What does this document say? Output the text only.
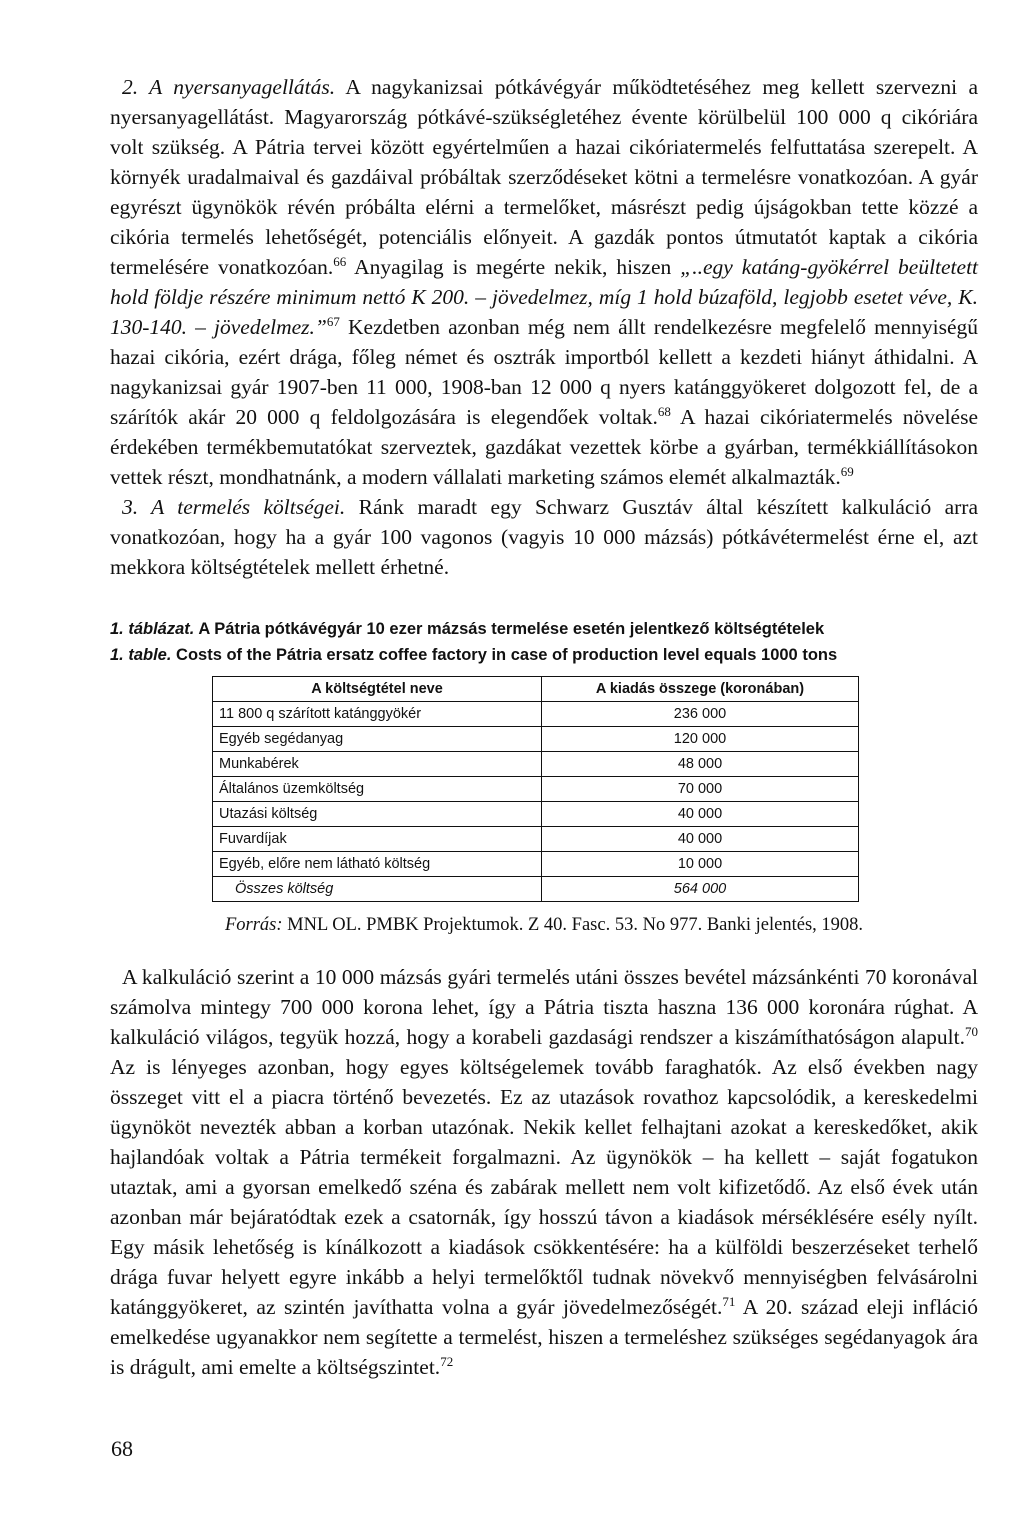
2. A nyersanyagellátás. A nagykanizsai pótkávégyár működtetéséhez meg kellett szervezni a nyersanyagellátást. Magyarország pótkávé-szükségletéhez évente körülbelül 100 000 q cikóriára volt szükség. A Pátria tervei között egyértelműen a hazai cikóriatermelés felfuttatása szerepelt. A környék uradalmaival és gazdáival próbáltak szerződéseket kötni a termelésre vonatkozóan. A gyár egyrészt ügynökök révén próbálta elérni a termelőket, másrészt pedig újságokban tette közzé a cikória termelés lehetőségét, potenciális előnyeit. A gazdák pontos útmutatót kaptak a cikória termelésére vonatkozóan.$^{66}$ Anyagilag is megérte nekik, hiszen „..egy katáng-gyökérrel beültetett hold földje részére minimum nettó K 200. – jövedelmez, míg 1 hold búzaföld, legjobb esetet véve, K. 130-140. – jövedelmez.”$^{67}$ Kezdetben azonban még nem állt rendelkezésre megfelelő mennyiségű hazai cikória, ezért drága, főleg német és osztrák importból kellett a kezdeti hiányt áthidalni. A nagykanizsai gyár 1907-ben 11 000, 1908-ban 12 000 q nyers katánggyökeret dolgozott fel, de a szárítók akár 20 000 q feldolgozására is elegendőek voltak.$^{68}$ A hazai cikóriatermelés növelése érdekében termékbemutatókat szerveztek, gazdákat vezettek körbe a gyárban, termékkiállításokon vettek részt, mondhatnánk, a modern vállalati marketing számos elemét alkalmazták.$^{69}$

3. A termelés költségei. Ránk maradt egy Schwarz Gusztáv által készített kalkuláció arra vonatkozóan, hogy ha a gyár 100 vagonos (vagyis 10 000 mázsás) pótkávétermelést érne el, azt mekkora költségtételek mellett érhetné.

1. táblázat. A Pátria pótkávégyár 10 ezer mázsás termelése esetén jelentkező költségtételek

1. table. Costs of the Pátria ersatz coffee factory in case of production level equals 1000 tons

A költségtétel neve	A kiadás összege (koronában)
11 800 q szárított katánggyökér	236 000
Egyéb segédanyag	120 000
Munkabérek	48 000
Általános üzemköltség	70 000
Utazási költség	40 000
Fuvardíjak	40 000
Egyéb, előre nem látható költség	10 000
Összes költség	564 000

Forrás: MNL OL. PMBK Projektumok. Z 40. Fasc. 53. No 977. Banki jelentés, 1908.

A kalkuláció szerint a 10 000 mázsás gyári termelés utáni összes bevétel mázsánkénti 70 koronával számolva mintegy 700 000 korona lehet, így a Pátria tiszta haszna 136 000 koronára rúghat. A kalkuláció világos, tegyük hozzá, hogy a korabeli gazdasági rendszer a kiszámíthatóságon alapult.$^{70}$ Az is lényeges azonban, hogy egyes költségelemek tovább faraghatók. Az első években nagy összeget vitt el a piacra történő bevezetés. Ez az utazások rovathoz kapcsolódik, a kereskedelmi ügynököt nevezték abban a korban utazónak. Nekik kellet felhajtani azokat a kereskedőket, akik hajlandóak voltak a Pátria termékeit forgalmazni. Az ügynökök – ha kellett – saját fogatukon utaztak, ami a gyorsan emelkedő széna és zabárak mellett nem volt kifizetődő. Az első évek után azonban már bejáratódtak ezek a csatornák, így hosszú távon a kiadások mérséklésére esély nyílt. Egy másik lehetőség is kínálkozott a kiadások csökkentésére: ha a külföldi beszerzéseket terhelő drága fuvar helyett egyre inkább a helyi termelőktől tudnak növekvő mennyiségben felvásárolni katánggyökeret, az szintén javíthatta volna a gyár jövedelmezőségét.$^{71}$ A 20. század eleji infláció emelkedése ugyanakkor nem segítette a termelést, hiszen a termeléshez szükséges segédanyagok ára is drágult, ami emelte a költségszintet.$^{72}$

68
